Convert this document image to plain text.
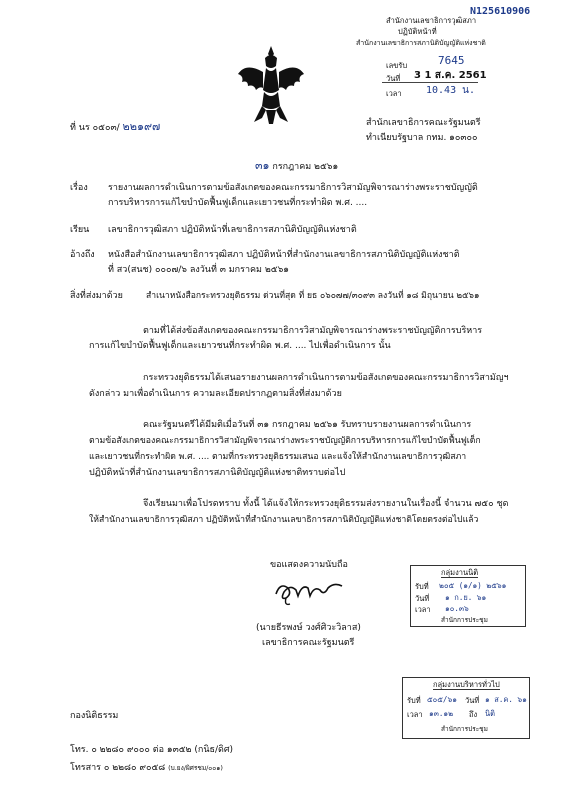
N125610906
สำนักงานเลขาธิการวุฒิสภา
ปฏิบัติหน้าที่
สำนักงานเลขาธิการสภานิติบัญญัติแห่งชาติ
เลขรับ	7645
วันที่ 3 1 ส.ค. 2561
เวลา 10.43 น.
ที่ นร ๐๕๐๓/ ๒๒๑๙๗	สำนักเลขาธิการคณะรัฐมนตรี
ทำเนียบรัฐบาล กทม. ๑๐๓๐๐
๓๑ กรกฎาคม ๒๕๖๑
เรื่อง รายงานผลการดำเนินการตามข้อสังเกตของคณะกรรมาธิการวิสามัญพิจารณาร่างพระราชบัญญัติ
การบริหารการแก้ไขบำบัดฟื้นฟูเด็กและเยาวชนที่กระทำผิด พ.ศ. ....
เรียน เลขาธิการวุฒิสภา ปฏิบัติหน้าที่เลขาธิการสภานิติบัญญัติแห่งชาติ
อ้างถึง หนังสือสำนักงานเลขาธิการวุฒิสภา ปฏิบัติหน้าที่สำนักงานเลขาธิการสภานิติบัญญัติแห่งชาติ
ที่ สว(สนช) ๐๐๐๗/๖ ลงวันที่ ๓ มกราคม ๒๕๖๑
สิ่งที่ส่งมาด้วย	สำเนาหนังสือกระทรวงยุติธรรม ด่วนที่สุด ที่ ยธ ๐๖๐๗๗/๓๐๙๓ ลงวันที่ ๑๘ มิถุนายน ๒๕๖๑
ตามที่ได้ส่งข้อสังเกตของคณะกรรมาธิการวิสามัญพิจารณาร่างพระราชบัญญัติการบริหาร
การแก้ไขบำบัดฟื้นฟูเด็กและเยาวชนที่กระทำผิด พ.ศ. .... ไปเพื่อดำเนินการ นั้น
กระทรวงยุติธรรมได้เสนอรายงานผลการดำเนินการตามข้อสังเกตของคณะกรรมาธิการวิสามัญฯ
ดังกล่าว มาเพื่อดำเนินการ ความละเอียดปรากฏตามสิ่งที่ส่งมาด้วย
คณะรัฐมนตรีได้มีมติเมื่อวันที่ ๓๑ กรกฎาคม ๒๕๖๑ รับทราบรายงานผลการดำเนินการ
ตามข้อสังเกตของคณะกรรมาธิการวิสามัญพิจารณาร่างพระราชบัญญัติการบริหารการแก้ไขบำบัดฟื้นฟูเด็ก
และเยาวชนที่กระทำผิด พ.ศ. .... ตามที่กระทรวงยุติธรรมเสนอ และแจ้งให้สำนักงานเลขาธิการวุฒิสภา
ปฏิบัติหน้าที่สำนักงานเลขาธิการสภานิติบัญญัติแห่งชาติทราบต่อไป
จึงเรียนมาเพื่อโปรดทราบ ทั้งนี้ ได้แจ้งให้กระทรวงยุติธรรมส่งรายงานในเรื่องนี้ จำนวน ๗๕๐ ชุด
ให้สำนักงานเลขาธิการวุฒิสภา ปฏิบัติหน้าที่สำนักงานเลขาธิการสภานิติบัญญัติแห่งชาติโดยตรงต่อไปแล้ว
ขอแสดงความนับถือ
(นายธีรพงษ์ วงศ์ศิวะวิลาส)
เลขาธิการคณะรัฐมนตรี
กลุ่มงานนิติ
รับที่ ๒๐๕ (๑/๑) ๒๕๖๑
วันที่ ๑ ก.ย. ๖๑
เวลา ๑๐.๓๖
สำนักการประชุม
กลุ่มงานบริหารทั่วไป
รับที่ ๕๐๕/๖๑ วันที่ ๑ ส.ค. ๖๑
เวลา ๑๓.๑๒ ถึง นิติ
สำนักการประชุม
กองนิติธรรม
โทร. ๐ ๒๒๘๐ ๙๐๐๐ ต่อ ๑๓๕๒ (กนิธ/ดิศ)
โทรสาร ๐ ๒๒๘๐ ๙๐๕๘ (บ.ยง/ผิศรชม/๐๐๑)
